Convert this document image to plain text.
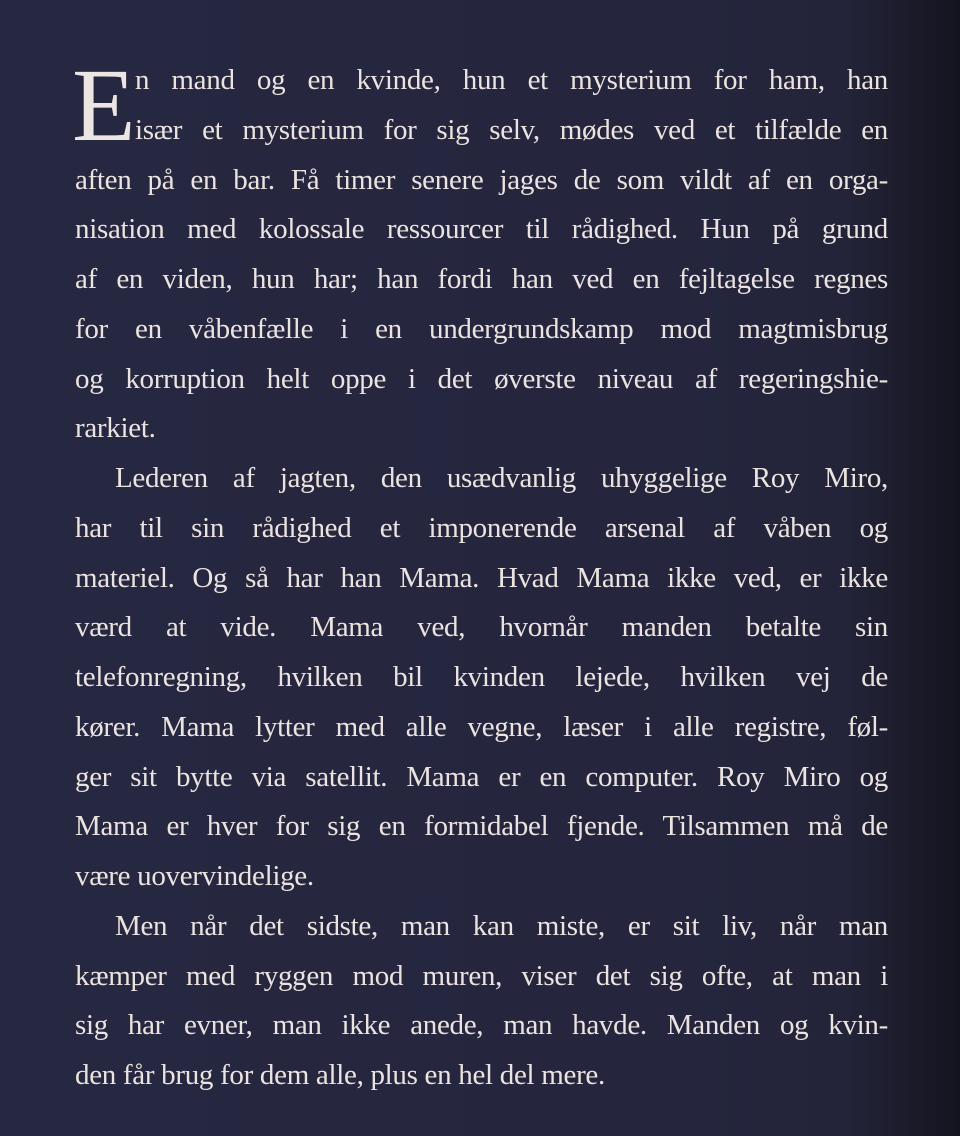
E n mand og en kvinde, hun et mysterium for ham, han
især et mysterium for sig selv, mødes ved et tilfælde en
aften på en bar. Få timer senere jages de som vildt af en orga-
nisation med kolossale ressourcer til rådighed. Hun på grund
af en viden, hun har; han fordi han ved en fejltagelse regnes
for en våbenfælle i en undergrundskamp mod magtmisbrug
og korruption helt oppe i det øverste niveau af regeringshie-
rarkiet.
Lederen af jagten, den usædvanlig uhyggelige Roy Miro,
har til sin rådighed et imponerende arsenal af våben og
materiel. Og så har han Mama. Hvad Mama ikke ved, er ikke
værd at vide. Mama ved, hvornår manden betalte sin
telefonregning, hvilken bil kvinden lejede, hvilken vej de
kører. Mama lytter med alle vegne, læser i alle registre, føl-
ger sit bytte via satellit. Mama er en computer. Roy Miro og
Mama er hver for sig en formidabel fjende. Tilsammen må de
være uovervindelige.
Men når det sidste, man kan miste, er sit liv, når man
kæmper med ryggen mod muren, viser det sig ofte, at man i
sig har evner, man ikke anede, man havde. Manden og kvin-
den får brug for dem alle, plus en hel del mere.
